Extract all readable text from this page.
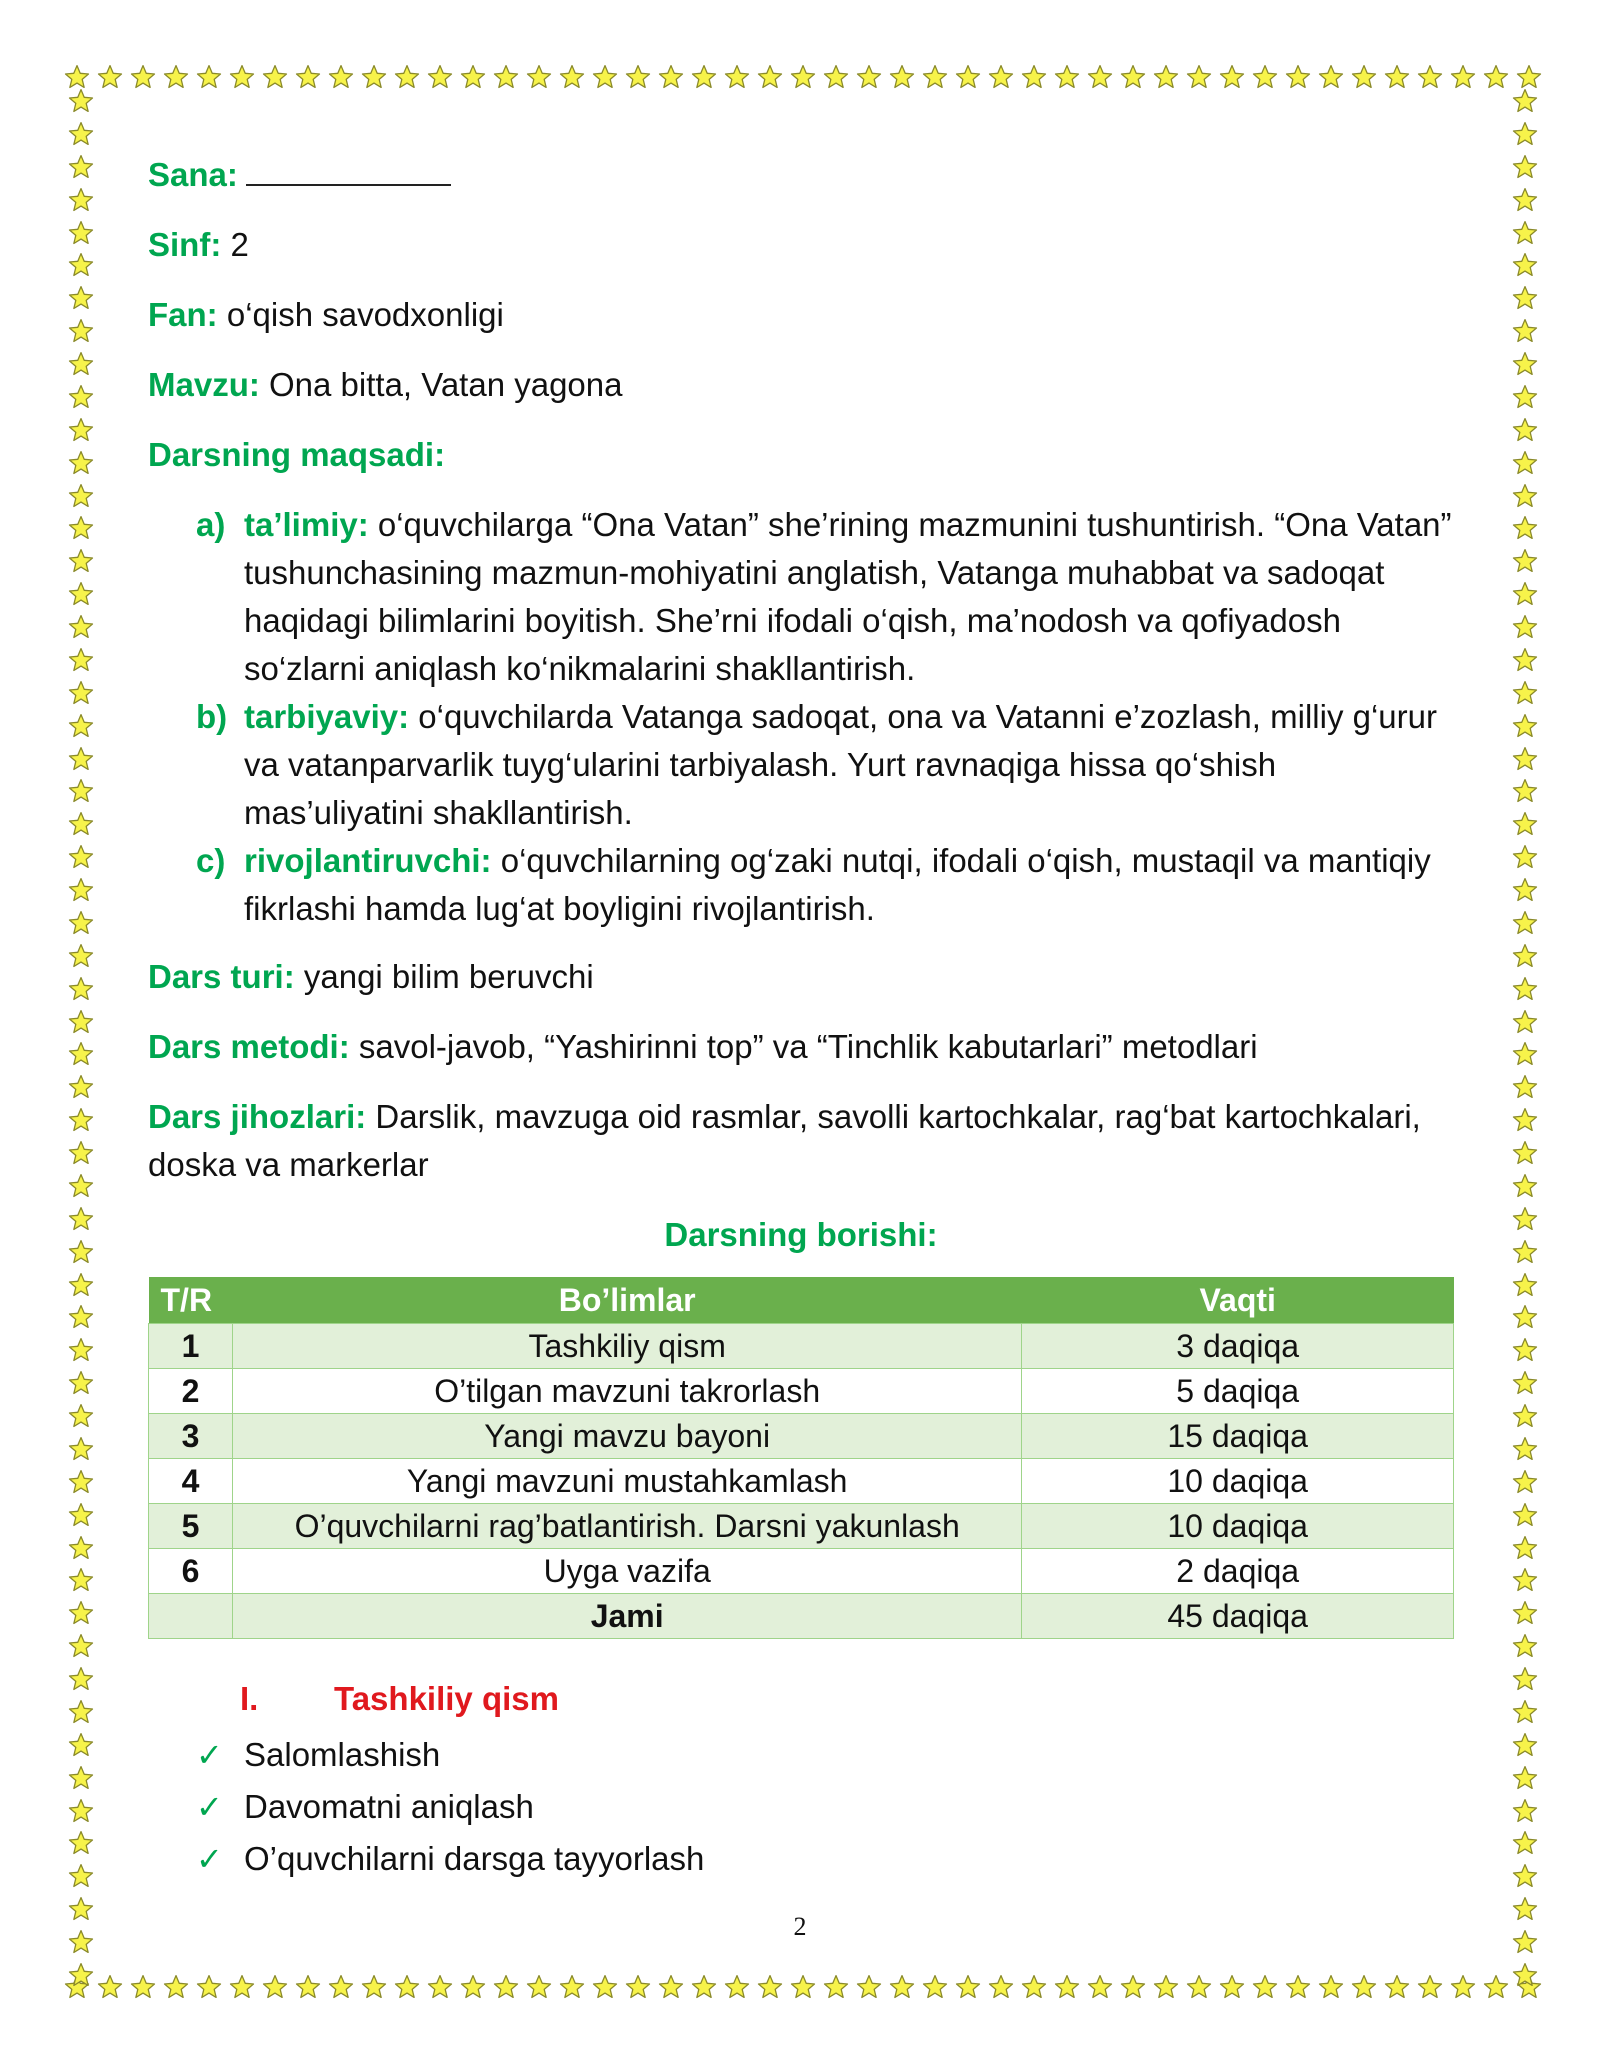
Sana:

Sinf: 2

Fan: o‘qish savodxonligi

Mavzu: Ona bitta, Vatan yagona

Darsning maqsadi:

a) ta’limiy: o‘quvchilarga “Ona Vatan” she’rining mazmunini tushuntirish. “Ona Vatan” tushunchasining mazmun-mohiyatini anglatish, Vatanga muhabbat va sadoqat haqidagi bilimlarini boyitish. She’rni ifodali o‘qish, ma’nodosh va qofiyadosh so‘zlarni aniqlash ko‘nikmalarini shakllantirish.
b) tarbiyaviy: o‘quvchilarda Vatanga sadoqat, ona va Vatanni e’zozlash, milliy g‘urur va vatanparvarlik tuyg‘ularini tarbiyalash. Yurt ravnaqiga hissa qo‘shish mas’uliyatini shakllantirish.
c) rivojlantiruvchi: o‘quvchilarning og‘zaki nutqi, ifodali o‘qish, mustaqil va mantiqiy fikrlashi hamda lug‘at boyligini rivojlantirish.

Dars turi: yangi bilim beruvchi

Dars metodi: savol-javob, “Yashirinni top” va “Tinchlik kabutarlari” metodlari

Dars jihozlari: Darslik, mavzuga oid rasmlar, savolli kartochkalar, rag‘bat kartochkalari, doska va markerlar

Darsning borishi:

T/R	Bo’limlar	Vaqti
1	Tashkiliy qism	3 daqiqa
2	O’tilgan mavzuni takrorlash	5 daqiqa
3	Yangi mavzu bayoni	15 daqiqa
4	Yangi mavzuni mustahkamlash	10 daqiqa
5	O’quvchilarni rag’batlantirish. Darsni yakunlash	10 daqiqa
6	Uyga vazifa	2 daqiqa
	Jami	45 daqiqa
I. Tashkiliy qism
✓ Salomlashish
✓ Davomatni aniqlash
✓ O’quvchilarni darsga tayyorlash
2
